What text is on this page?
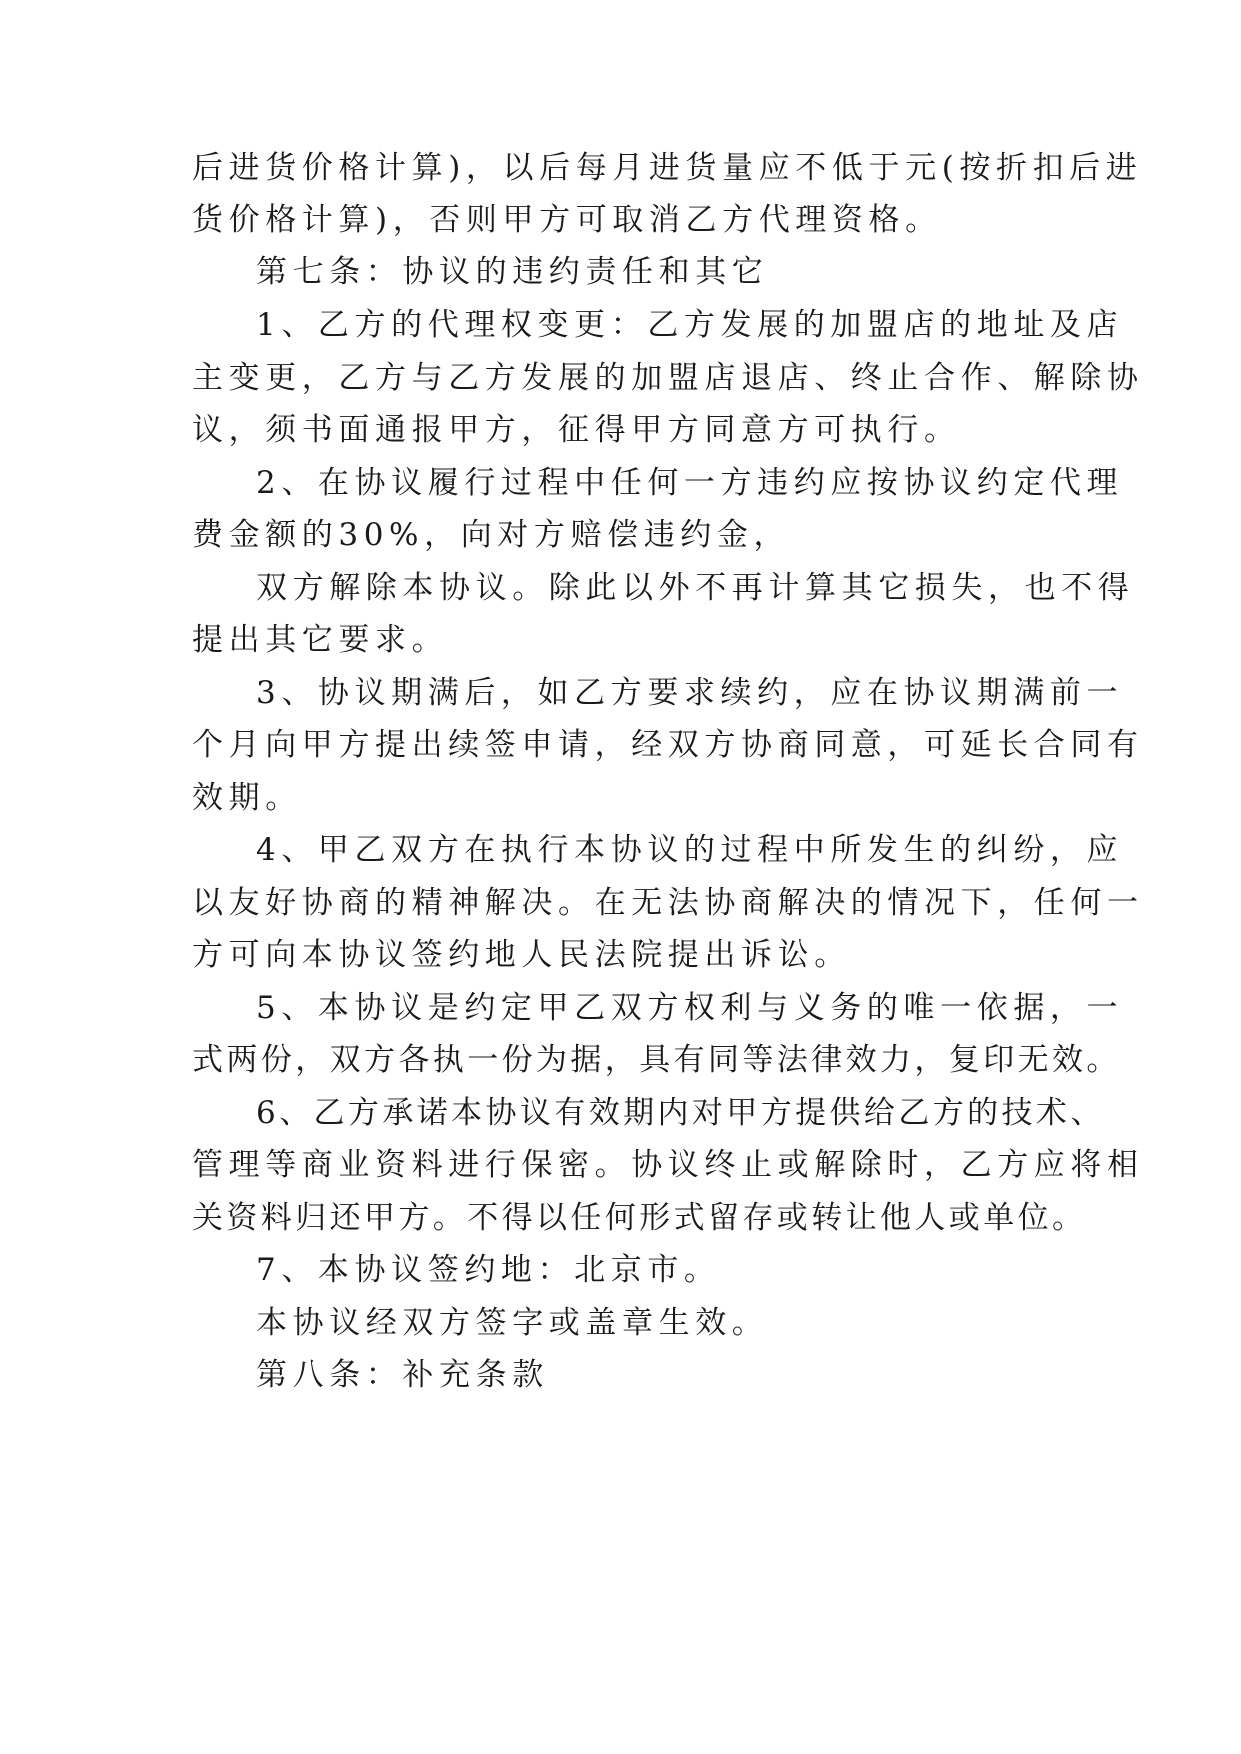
后进货价格计算)，以后每月进货量应不低于元(按折扣后进

货价格计算)，否则甲方可取消乙方代理资格。

第七条：协议的违约责任和其它

1、乙方的代理权变更：乙方发展的加盟店的地址及店

主变更，乙方与乙方发展的加盟店退店、终止合作、解除协

议，须书面通报甲方，征得甲方同意方可执行。

2、在协议履行过程中任何一方违约应按协议约定代理

费金额的30%，向对方赔偿违约金，

双方解除本协议。除此以外不再计算其它损失，也不得

提出其它要求。

3、协议期满后，如乙方要求续约，应在协议期满前一

个月向甲方提出续签申请，经双方协商同意，可延长合同有

效期。

4、甲乙双方在执行本协议的过程中所发生的纠纷，应

以友好协商的精神解决。在无法协商解决的情况下，任何一

方可向本协议签约地人民法院提出诉讼。

5、本协议是约定甲乙双方权利与义务的唯一依据，一

式两份，双方各执一份为据，具有同等法律效力，复印无效。

6、乙方承诺本协议有效期内对甲方提供给乙方的技术、

管理等商业资料进行保密。协议终止或解除时，乙方应将相

关资料归还甲方。不得以任何形式留存或转让他人或单位。

7、本协议签约地：北京市。

本协议经双方签字或盖章生效。

第八条：补充条款
